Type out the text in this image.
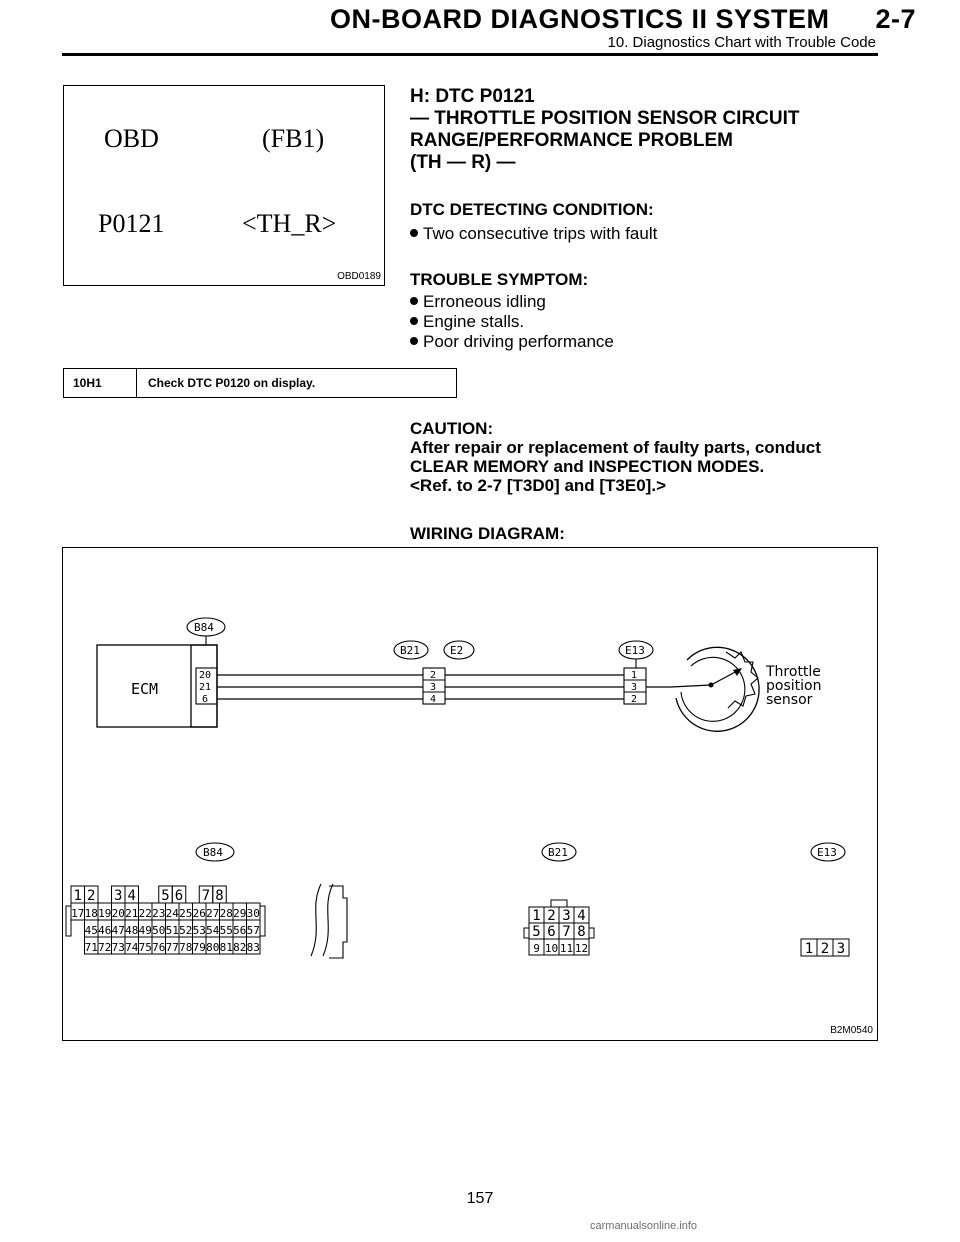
ON-BOARD DIAGNOSTICS II SYSTEM 2-7
10. Diagnostics Chart with Trouble Code
OBD	(FB1)
P0121	<TH_R>
OBD0189
H: DTC P0121
— THROTTLE POSITION SENSOR CIRCUIT
RANGE/PERFORMANCE PROBLEM
(TH — R) —
DTC DETECTING CONDITION:
Two consecutive trips with fault
TROUBLE SYMPTOM:
Erroneous idling
Engine stalls.
Poor driving performance
10H1	Check DTC P0120 on display.
CAUTION:
After repair or replacement of faulty parts, conduct
CLEAR MEMORY and INSPECTION MODES.
<Ref. to 2-7 [T3D0] and [T3E0].>
WIRING DIAGRAM:
ECM
20
21
6
B84
B21	E2
2
3
4
E13
1
3
2
Throttle
position
sensor
B84	B21	E13
1 2 3 4 5 6 7 8
17 18 19 20 21 22 23 24 25 26 27 28 29 30
45 46 47 48 49 50 51 52 53 54 55 56 57
71 72 73 74 75 76 77 78 79 80 81 82 83
1 2 3 4
5 6 7 8
9 10 11 12	1 2 3
B2M0540
157
carmanualsonline.info
